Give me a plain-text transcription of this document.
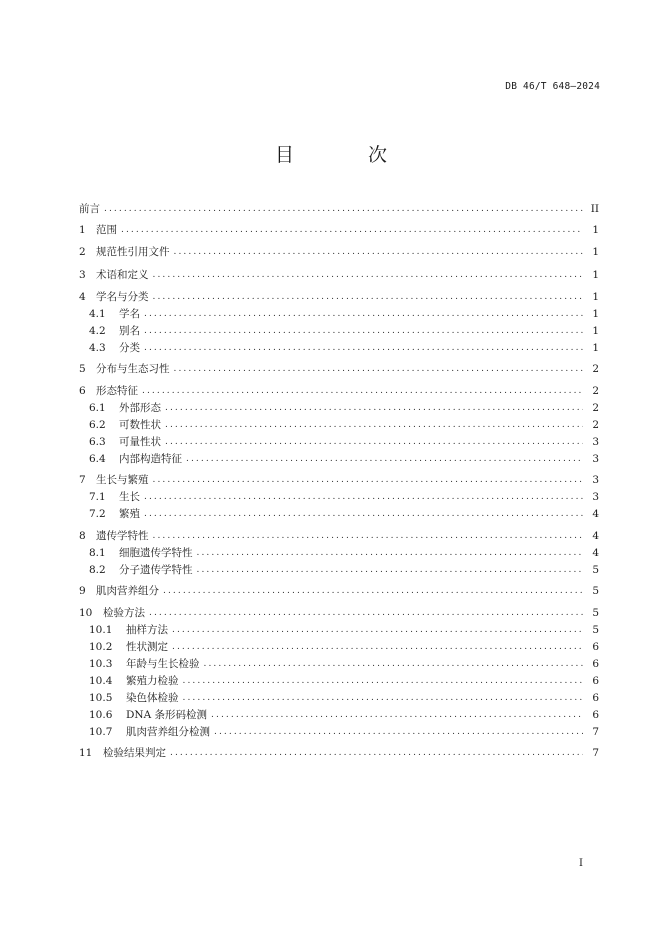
DB 46/T 648—2024
目 次
前言 .....	II
1 范围 .....	1
2 规范性引用文件 .....	1
3 术语和定义 .....	1
4 学名与分类 .....	1
4.1	学名 .....	1
4.2	别名 .....	1
4.3	分类 .....	1
5 分布与生态习性 .....	2
6 形态特征 .....	2
6.1	外部形态 .....	2
6.2	可数性状 .....	2
6.3	可量性状 .....	3
6.4	内部构造特征 .....	3
7 生长与繁殖 .....	3
7.1	生长 .....	3
7.2	繁殖 .....	4
8 遗传学特性 .....	4
8.1	细胞遗传学特性 .....	4
8.2	分子遗传学特性 .....	5
9 肌肉营养组分 .....	5
10	检验方法 .....	5
10.1	抽样方法 .....	5
10.2	性状测定 .....	6
10.3	年龄与生长检验 .....	6
10.4	繁殖力检验 .....	6
10.5	染色体检验 .....	6
10.6	DNA 条形码检测 .....	6
10.7	肌肉营养组分检测 .....	7
11	检验结果判定 .....	7
I
